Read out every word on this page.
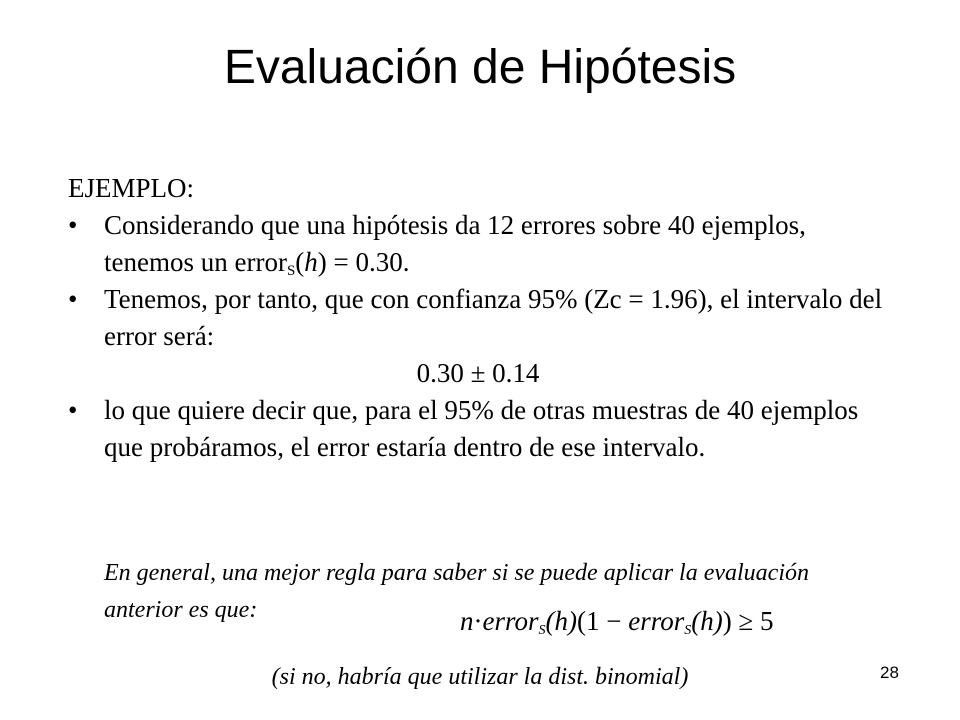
Evaluación de Hipótesis

EJEMPLO:

• Considerando que una hipótesis da 12 errores sobre 40 ejemplos, tenemos un error$_S$(h) = 0.30.

• Tenemos, por tanto, que con confianza 95% (Zc = 1.96), el intervalo del error será:

0.30 ± 0.14

• lo que quiere decir que, para el 95% de otras muestras de 40 ejemplos que probáramos, el error estaría dentro de ese intervalo.

En general, una mejor regla para saber si se puede aplicar la evaluación anterior es que:	n·error$_S$(h)(1 − error$_S$(h)) ≥ 5
(si no, habría que utilizar la dist. binomial)	28
